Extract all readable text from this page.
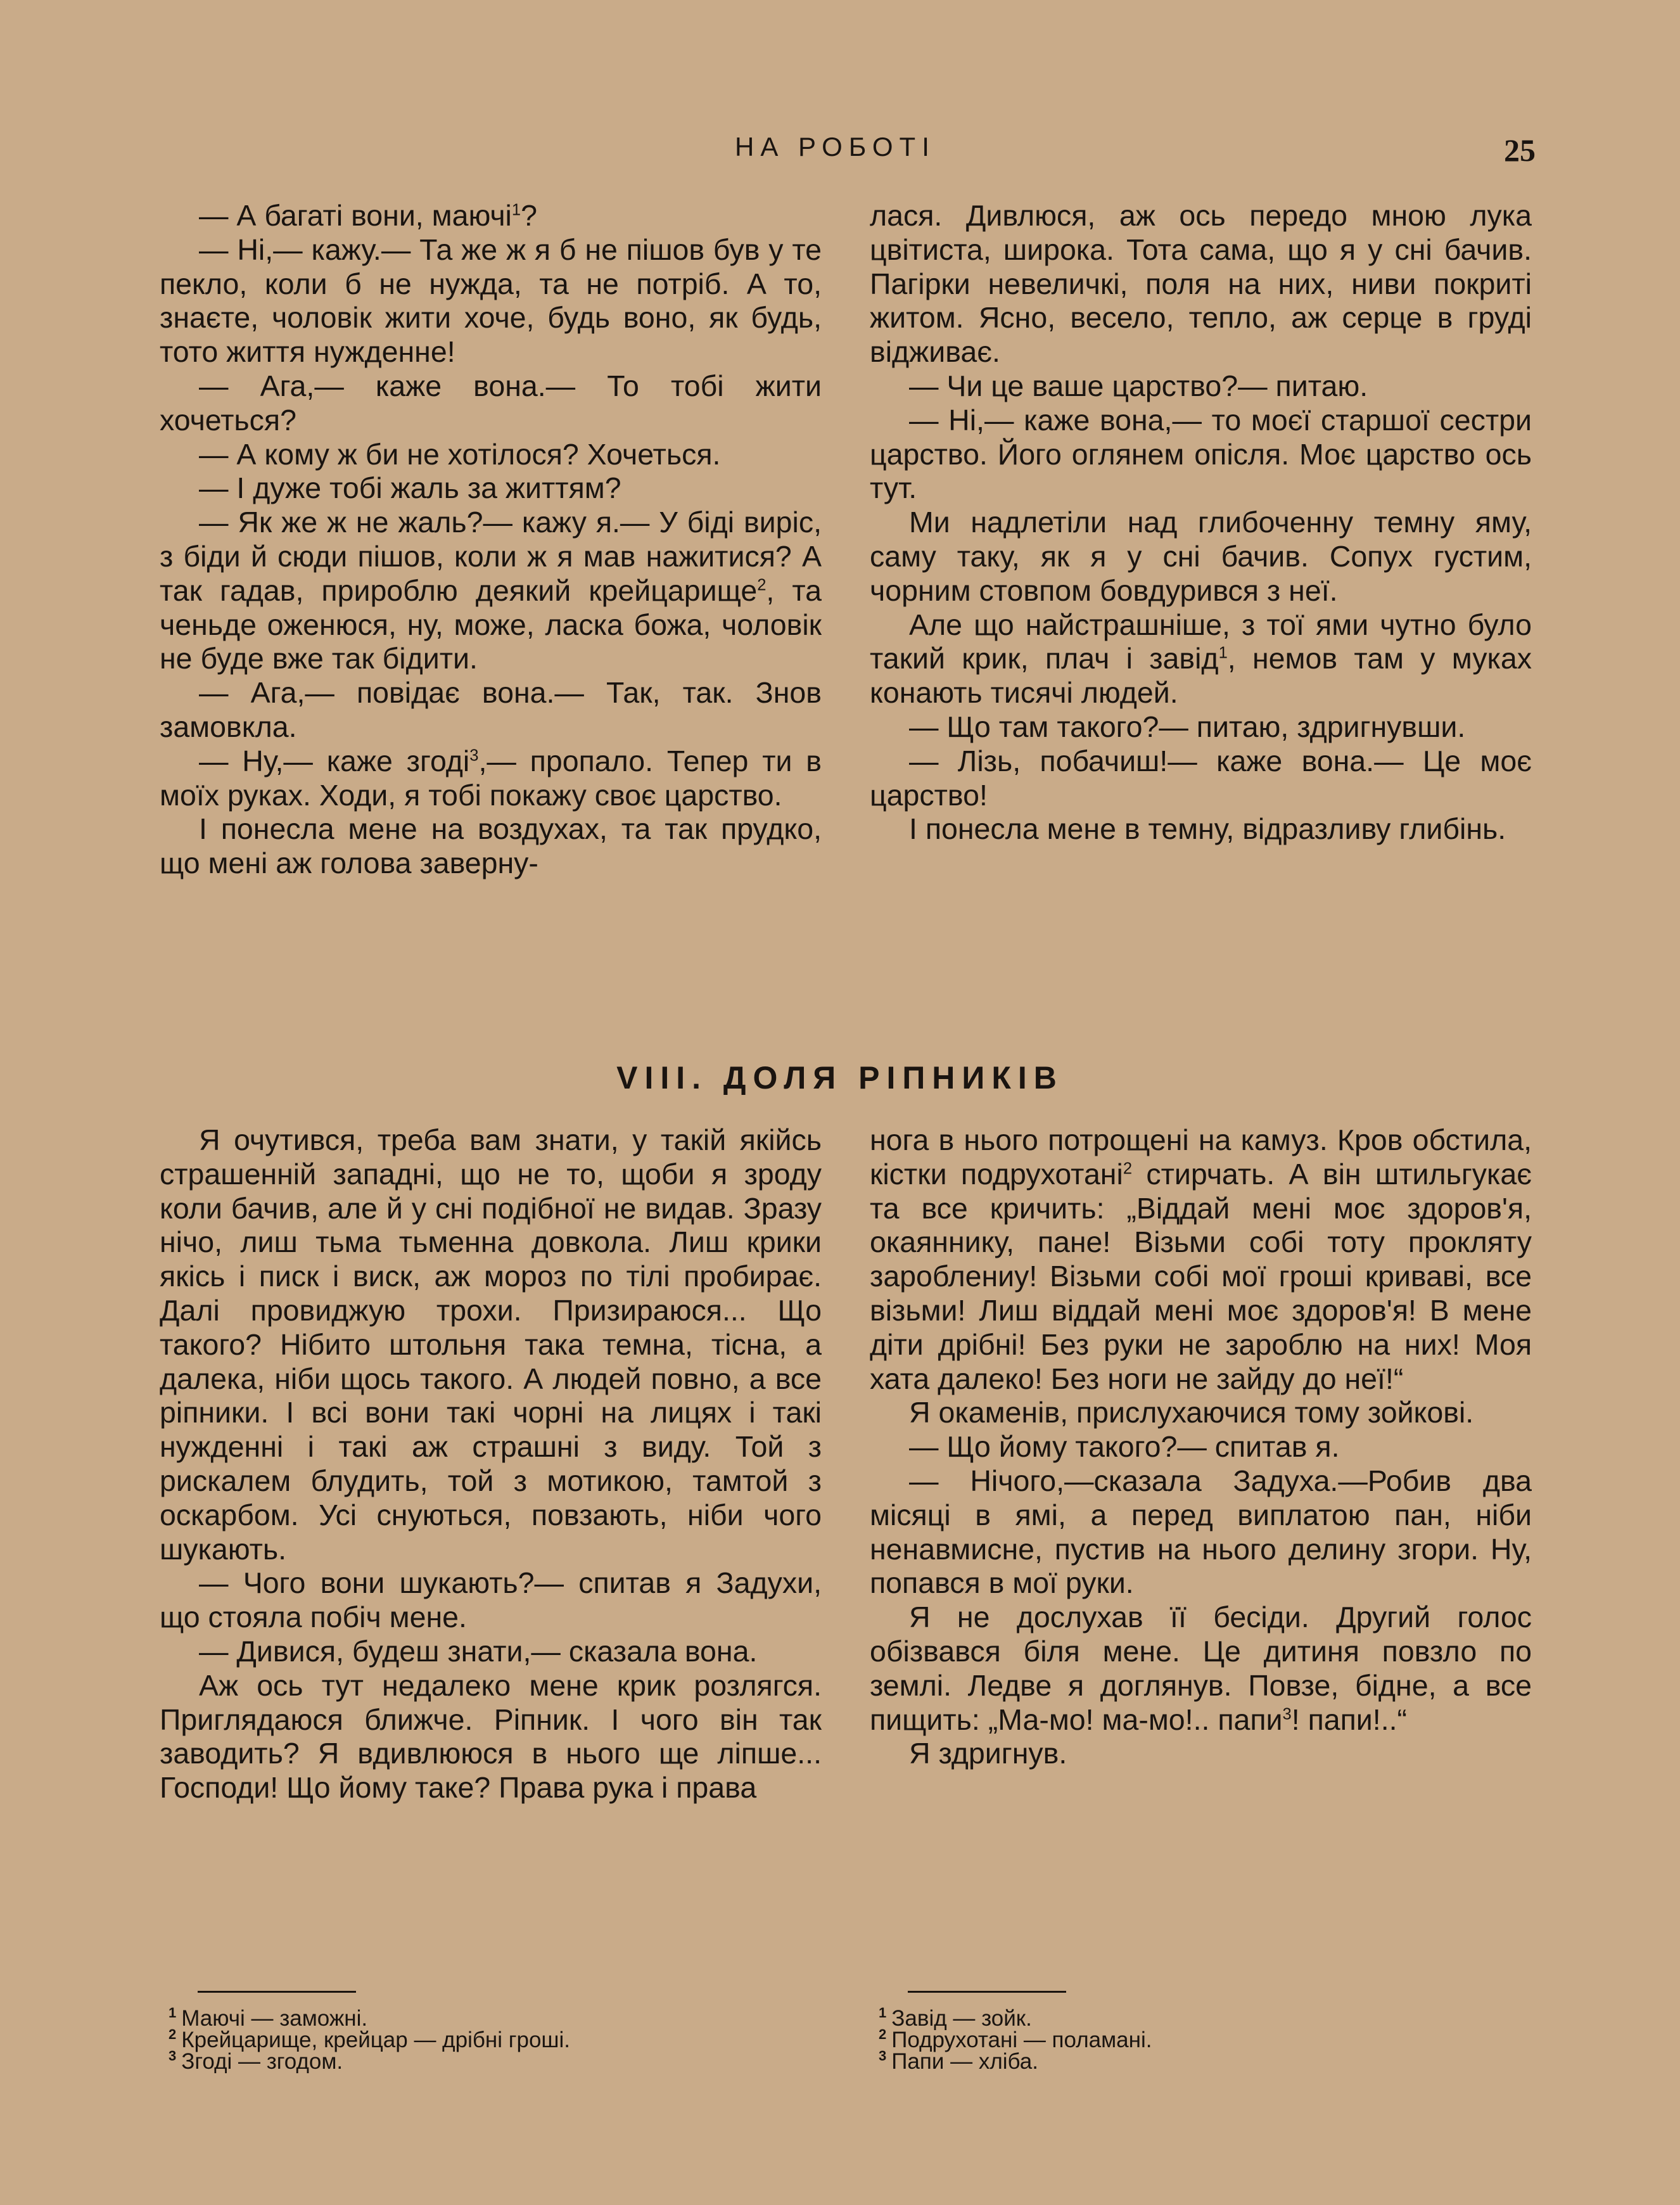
НА РОБОТІ	25

— А багаті вони, маючі$^1$?

— Ні,— кажу.— Та же ж я б не пішов був у те пекло, коли б не нужда, та не потріб. А то, знаєте, чоловік жити хоче, будь воно, як будь, тото життя нужденне!

— Ага,— каже вона.— То тобі жити хочеться?

— А кому ж би не хотілося? Хочеться.

— І дуже тобі жаль за життям?

— Як же ж не жаль?— кажу я.— У біді виріс, з біди й сюди пішов, коли ж я мав нажитися? А так гадав, прироблю деякий крейцарище$^2$, та ченьде оженюся, ну, може, ласка божа, чоловік не буде вже так бідити.

— Ага,— повідає вона.— Так, так. Знов замовкла.

— Ну,— каже згоді$^3$,— пропало. Тепер ти в моїх руках. Ходи, я тобі покажу своє царство.

І понесла мене на воздухах, та так прудко, що мені аж голова заверну-

лася. Дивлюся, аж ось передо мною лука цвітиста, широка. Тота сама, що я у сні бачив. Пагірки невеличкі, поля на них, ниви покриті житом. Ясно, весело, тепло, аж серце в груді відживає.

— Чи це ваше царство?— питаю.

— Ні,— каже вона,— то моєї старшої сестри царство. Його оглянем опісля. Моє царство ось тут.

Ми надлетіли над глибоченну темну яму, саму таку, як я у сні бачив. Сопух густим, чорним стовпом бовдурився з неї.

Але що найстрашніше, з тої ями чутно було такий крик, плач і завід$^1$, немов там у муках конають тисячі людей.

— Що там такого?— питаю, здригнувши.

— Лізь, побачиш!— каже вона.— Це моє царство!

І понесла мене в темну, відразливу глибінь.

VIII. ДОЛЯ РІПНИКІВ

Я очутився, треба вам знати, у такій якійсь страшенній западні, що не то, щоби я зроду коли бачив, але й у сні подібної не видав. Зразу нічо, лиш тьма тьменна довкола. Лиш крики якісь і писк і виск, аж мороз по тілі пробирає. Далі провиджую трохи. Призираюся... Що такого? Нібито штольня така темна, тісна, а далека, ніби щось такого. А людей повно, а все ріпники. І всі вони такі чорні на лицях і такі нужденні і такі аж страшні з виду. Той з рискалем блудить, той з мотикою, тамтой з оскарбом. Усі снуються, повзають, ніби чого шукають.

— Чого вони шукають?— спитав я Задухи, що стояла побіч мене.

— Дивися, будеш знати,— сказала вона.

Аж ось тут недалеко мене крик розлягся. Приглядаюся ближче. Ріпник. І чого він так заводить? Я вдивлююся в нього ще ліпше... Господи! Що йому таке? Права рука і права

нога в нього потрощені на камуз. Кров обстила, кістки подрухотані$^2$ стирчать. А він штильгукає та все кричить: „Віддай мені моє здоров'я, окаяннику, пане! Візьми собі тоту прокляту зароблениу! Візьми собі мої гроші криваві, все візьми! Лиш віддай мені моє здоров'я! В мене діти дрібні! Без руки не зароблю на них! Моя хата далеко! Без ноги не зайду до неї!“

Я окаменів, прислухаючися тому зойкові.

— Що йому такого?— спитав я.

— Нічого,—сказала Задуха.—Робив два місяці в ямі, а перед виплатою пан, ніби ненавмисне, пустив на нього делину згори. Ну, попався в мої руки.

Я не дослухав її бесіди. Другий голос обізвався біля мене. Це дитиня повзло по землі. Ледве я доглянув. Повзе, бідне, а все пищить: „Ма-мо! ма-мо!.. папи$^3$! папи!..“

Я здригнув.

$^1$ Маючі — заможні.
$^2$ Крейцарище, крейцар — дрібні гроші.
$^3$ Згоді — згодом.
$^1$ Завід — зойк.
$^2$ Подрухотані — поламані.
$^3$ Папи — хліба.
